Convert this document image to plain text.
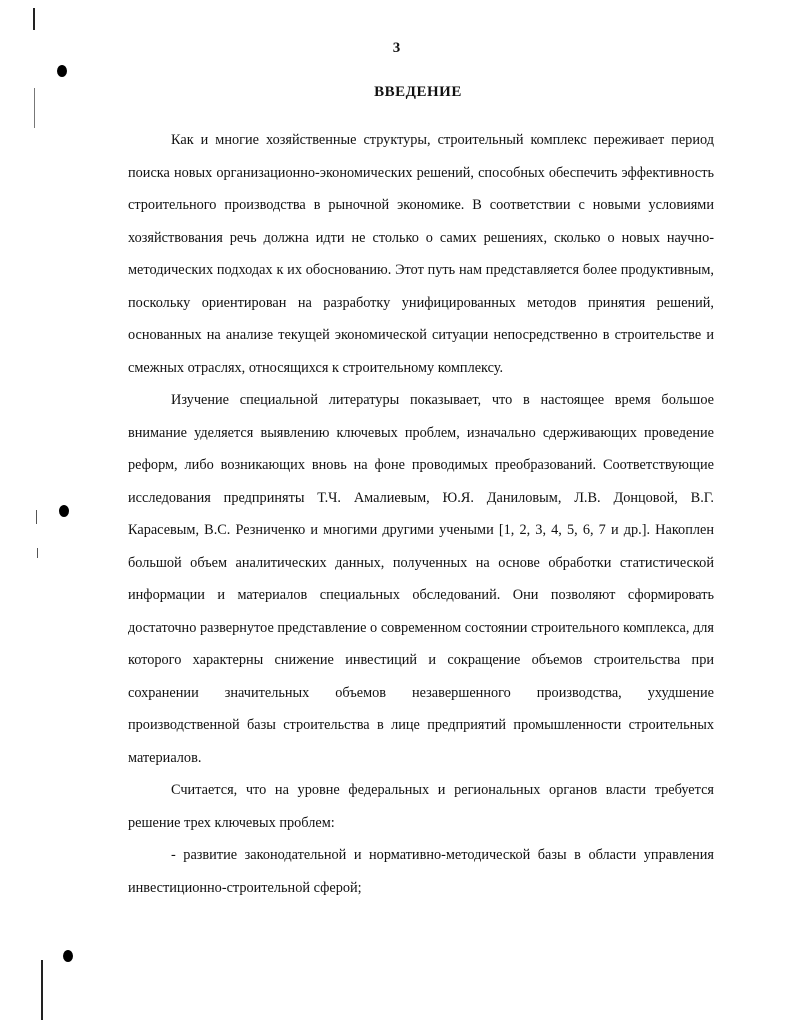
3
ВВЕДЕНИЕ

Как и многие хозяйственные структуры, строительный комплекс переживает период поиска новых организационно-экономических решений, способных обеспечить эффективность строительного производства в рыночной экономике. В соответствии с новыми условиями хозяйствования речь должна идти не столько о самих решениях, сколько о новых научно-методических подходах к их обоснованию. Этот путь нам представляется более продуктивным, поскольку ориентирован на разработку унифицированных методов принятия решений, основанных на анализе текущей экономической ситуации непосредственно в строительстве и смежных отраслях, относящихся к строительному комплексу.

Изучение специальной литературы показывает, что в настоящее время большое внимание уделяется выявлению ключевых проблем, изначально сдерживающих проведение реформ, либо возникающих вновь на фоне проводимых преобразований. Соответствующие исследования предприняты Т.Ч. Амалиевым, Ю.Я. Даниловым, Л.В. Донцовой, В.Г. Карасевым, В.С. Резниченко и многими другими учеными [1, 2, 3, 4, 5, 6, 7 и др.]. Накоплен большой объем аналитических данных, полученных на основе обработки статистической информации и материалов специальных обследований. Они позволяют сформировать достаточно развернутое представление о современном состоянии строительного комплекса, для которого характерны снижение инвестиций и сокращение объемов строительства при сохранении значительных объемов незавершенного производства, ухудшение производственной базы строительства в лице предприятий промышленности строительных материалов.

Считается, что на уровне федеральных и региональных органов власти требуется решение трех ключевых проблем:

- развитие законодательной и нормативно-методической базы в области управления инвестиционно-строительной сферой;
